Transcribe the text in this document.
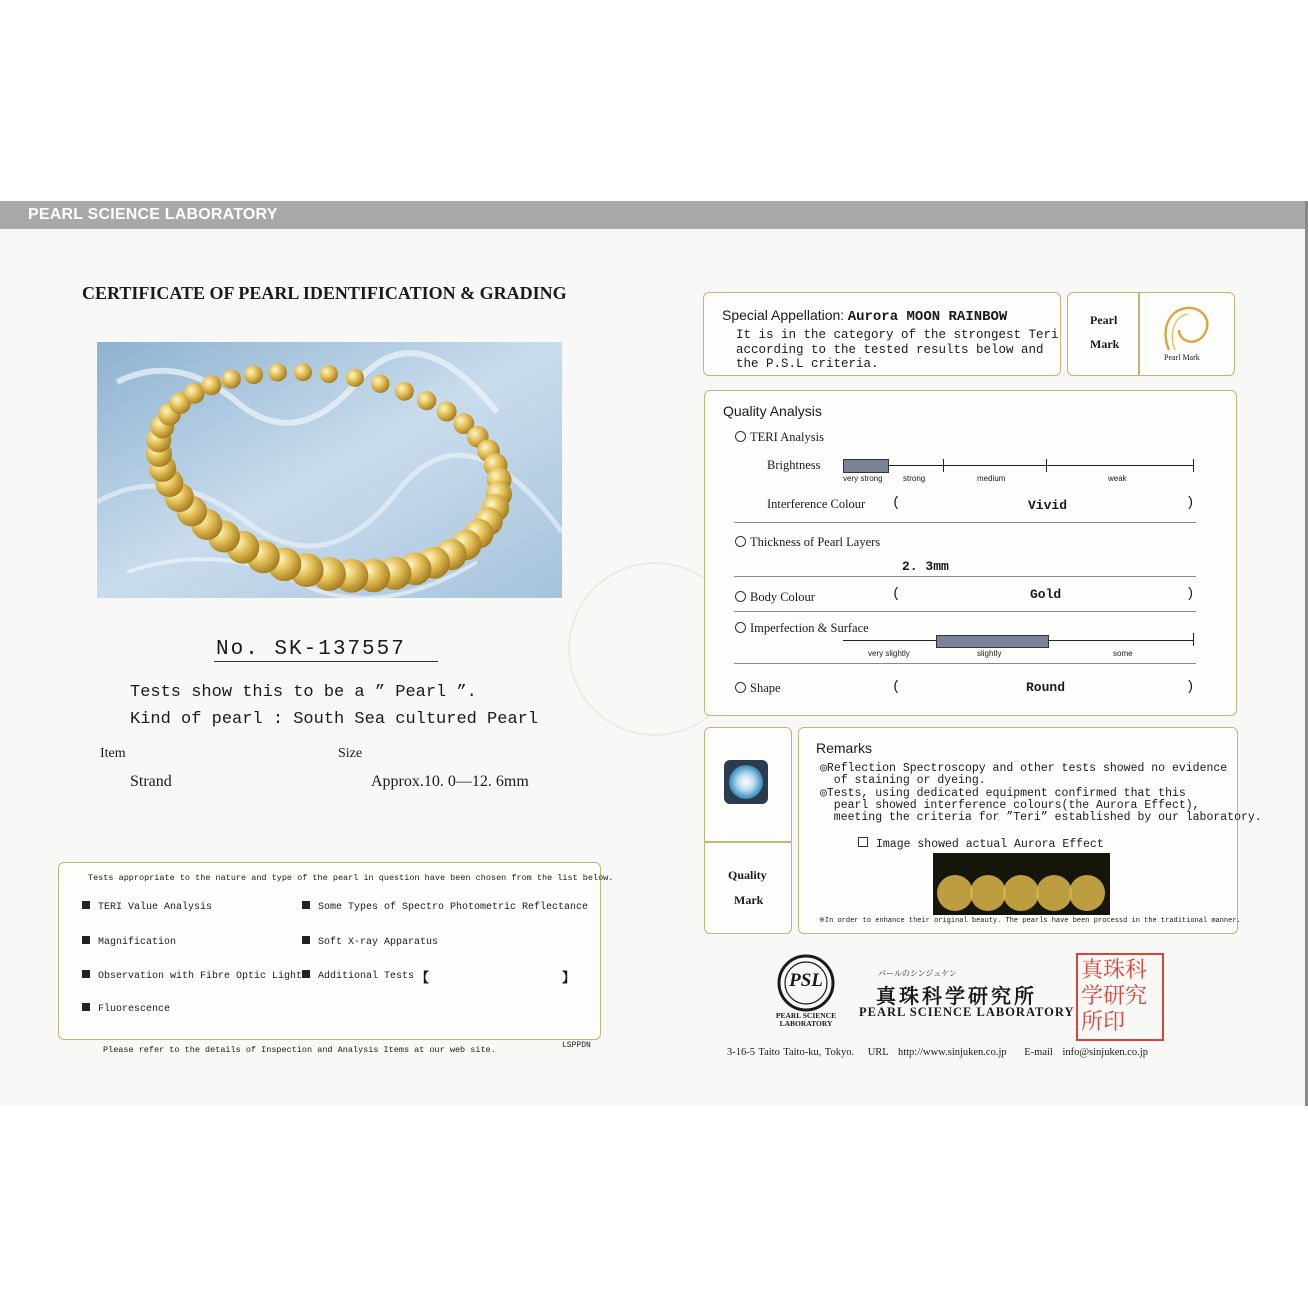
PEARL SCIENCE LABORATORY
CERTIFICATE OF PEARL IDENTIFICATION & GRADING
No. SK-137557
Tests show this to be a ” Pearl ”.
Kind of pearl : South Sea cultured Pearl
Item	Size
Strand	Approx.10. 0—12. 6mm
Tests appropriate to the nature and type of the pearl in question have been chosen from the list below.
TERI Value Analysis	Some Types of Spectro Photometric Reflectance
Magnification	Soft X-ray Apparatus
Observation with Fibre Optic Light	Additional Tests 【	】
Fluorescence
Please refer to the details of Inspection and Analysis Items at our web site.	LSPPDN
Special Appellation: Aurora MOON RAINBOW
It is in the category of the strongest Teri
according to the tested results below and
the P.S.L criteria.
Pearl
Mark
Pearl Mark
Quality Analysis
TERI Analysis
Brightness
very strong	strong	medium	weak
Interference Colour (	Vivid	)
Thickness of Pearl Layers
2. 3mm
Body Colour	(	Gold	)
Imperfection & Surface
very slightly	slightly	some
Shape	(	Round	)
Quality
Mark
Remarks
◎Reflection Spectroscopy and other tests showed no evidence
of staining or dyeing.
◎Tests, using dedicated equipment confirmed that this
pearl showed interference colours(the Aurora Effect),
meeting the criteria for ”Teri” established by our laboratory.
Image showed actual Aurora Effect
※In order to enhance their original beauty. The pearls have been processd in the traditional manner.
PSL
PEARL SCIENCE
LABORATORY
パールのシンジュケン
真珠科学研究所
PEARL SCIENCE LABORATORY
真珠科学研究所印
3-16-5 Taito Taito-ku, Tokyo. URL http://www.sinjuken.co.jp E-mail info@sinjuken.co.jp
